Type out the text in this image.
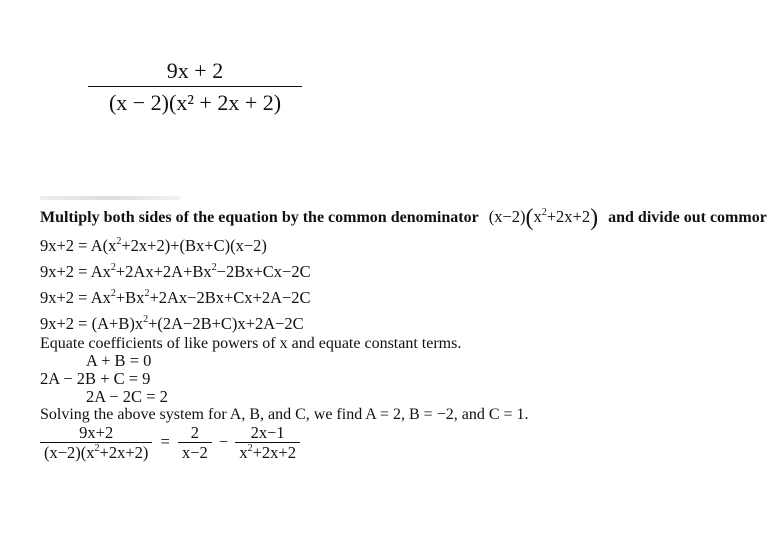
9x + 2
(x − 2)(x² + 2x + 2)
Multiply both sides of the equation by the common denominator $(x-2)(x^2+2x+2)$ and divide out commor
$9x+2 = A(x^2+2x+2)+(Bx+C)(x-2)$
$9x+2 = Ax^2+2Ax+2A+Bx^2-2Bx+Cx-2C$
$9x+2 = Ax^2+Bx^2+2Ax-2Bx+Cx+2A-2C$
$9x+2 = (A+B)x^2+(2A-2B+C)x+2A-2C$
Equate coefficients of like powers of x and equate constant terms.
A + B = 0
2A − 2B + C = 9
2A − 2C = 2
Solving the above system for A, B, and C, we find A = 2, B = −2, and C = 1.
$\frac{9x+2}{(x-2)(x^2+2x+2)} = \frac{2}{x-2} - \frac{2x-1}{x^2+2x+2}$
